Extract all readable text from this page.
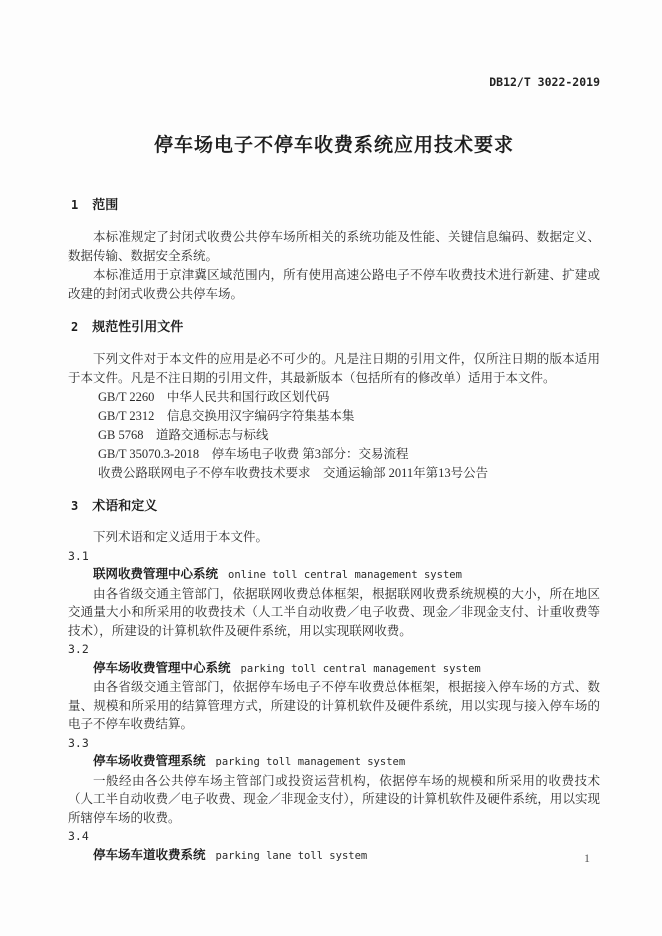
DB12/T 3022-2019
停车场电子不停车收费系统应用技术要求
1 范围

本标准规定了封闭式收费公共停车场所相关的系统功能及性能、关键信息编码、数据定义、数据传输、数据安全系统。

本标准适用于京津冀区域范围内，所有使用高速公路电子不停车收费技术进行新建、扩建或改建的封闭式收费公共停车场。

2 规范性引用文件

下列文件对于本文件的应用是必不可少的。凡是注日期的引用文件，仅所注日期的版本适用于本文件。凡是不注日期的引用文件，其最新版本（包括所有的修改单）适用于本文件。

GB/T 2260　中华人民共和国行政区划代码
GB/T 2312　信息交换用汉字编码字符集基本集
GB 5768　道路交通标志与标线
GB/T 35070.3-2018　停车场电子收费 第3部分：交易流程
收费公路联网电子不停车收费技术要求　交通运输部 2011年第13号公告
3 术语和定义

下列术语和定义适用于本文件。

3.1
联网收费管理中心系统 online toll central management system

由各省级交通主管部门，依据联网收费总体框架，根据联网收费系统规模的大小，所在地区交通量大小和所采用的收费技术（人工半自动收费／电子收费、现金／非现金支付、计重收费等技术），所建设的计算机软件及硬件系统，用以实现联网收费。

3.2
停车场收费管理中心系统 parking toll central management system

由各省级交通主管部门，依据停车场电子不停车收费总体框架，根据接入停车场的方式、数量、规模和所采用的结算管理方式，所建设的计算机软件及硬件系统，用以实现与接入停车场的电子不停车收费结算。

3.3
停车场收费管理系统 parking toll management system

一般经由各公共停车场主管部门或投资运营机构，依据停车场的规模和所采用的收费技术（人工半自动收费／电子收费、现金／非现金支付），所建设的计算机软件及硬件系统，用以实现所辖停车场的收费。

3.4
停车场车道收费系统 parking lane toll system	1
